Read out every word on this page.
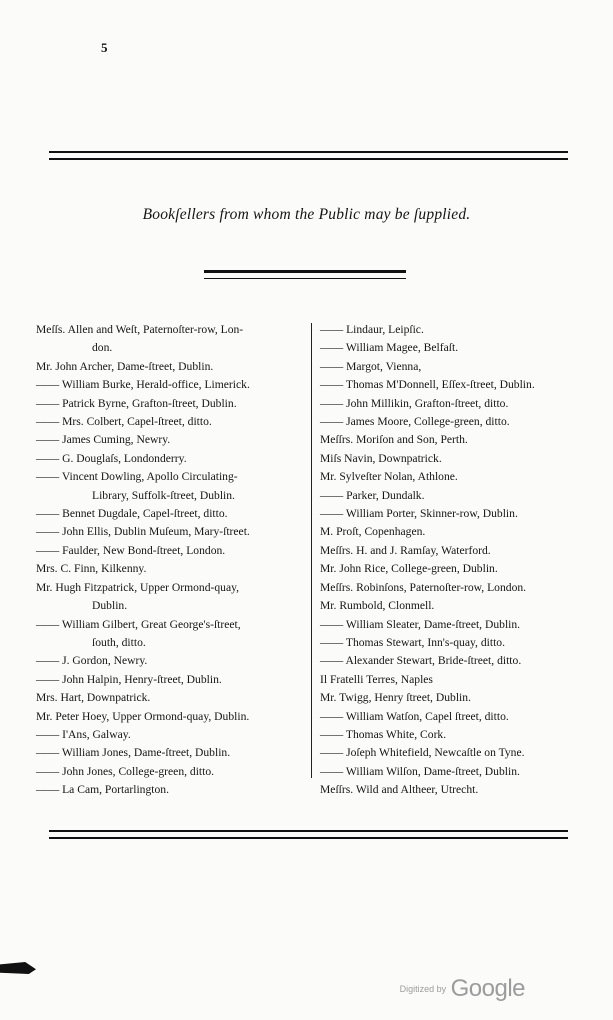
5
Bookſellers from whom the Public may be ſupplied.
Meſſs. Allen and Weſt, Paternoſter-row, Lon-
don.
Mr. John Archer, Dame-ſtreet, Dublin.
—— William Burke, Herald-office, Limerick.
—— Patrick Byrne, Grafton-ſtreet, Dublin.
—— Mrs. Colbert, Capel-ſtreet, ditto.
—— James Cuming, Newry.
—— G. Douglaſs, Londonderry.
—— Vincent Dowling, Apollo Circulating-
Library, Suffolk-ſtreet, Dublin.
—— Bennet Dugdale, Capel-ſtreet, ditto.
—— John Ellis, Dublin Muſeum, Mary-ſtreet.
—— Faulder, New Bond-ſtreet, London.
Mrs. C. Finn, Kilkenny.
Mr. Hugh Fitzpatrick, Upper Ormond-quay,
Dublin.
—— William Gilbert, Great George's-ſtreet,
ſouth, ditto.
—— J. Gordon, Newry.
—— John Halpin, Henry-ſtreet, Dublin.
Mrs. Hart, Downpatrick.
Mr. Peter Hoey, Upper Ormond-quay, Dublin.
—— I'Ans, Galway.
—— William Jones, Dame-ſtreet, Dublin.
—— John Jones, College-green, ditto.
—— La Cam, Portarlington.
—— Lindaur, Leipſic.
—— William Magee, Belfaſt.
—— Margot, Vienna,
—— Thomas M'Donnell, Eſſex-ſtreet, Dublin.
—— John Millikin, Grafton-ſtreet, ditto.
—— James Moore, College-green, ditto.
Meſſrs. Moriſon and Son, Perth.
Miſs Navin, Downpatrick.
Mr. Sylveſter Nolan, Athlone.
—— Parker, Dundalk.
—— William Porter, Skinner-row, Dublin.
M. Proſt, Copenhagen.
Meſſrs. H. and J. Ramſay, Waterford.
Mr. John Rice, College-green, Dublin.
Meſſrs. Robinſons, Paternoſter-row, London.
Mr. Rumbold, Clonmell.
—— William Sleater, Dame-ſtreet, Dublin.
—— Thomas Stewart, Inn's-quay, ditto.
—— Alexander Stewart, Bride-ſtreet, ditto.
Il Fratelli Terres, Naples
Mr. Twigg, Henry ſtreet, Dublin.
—— William Watſon, Capel ſtreet, ditto.
—— Thomas White, Cork.
—— Joſeph Whitefield, Newcaſtle on Tyne.
—— William Wilſon, Dame-ſtreet, Dublin.
Meſſrs. Wild and Altheer, Utrecht.
Digitized by Google
